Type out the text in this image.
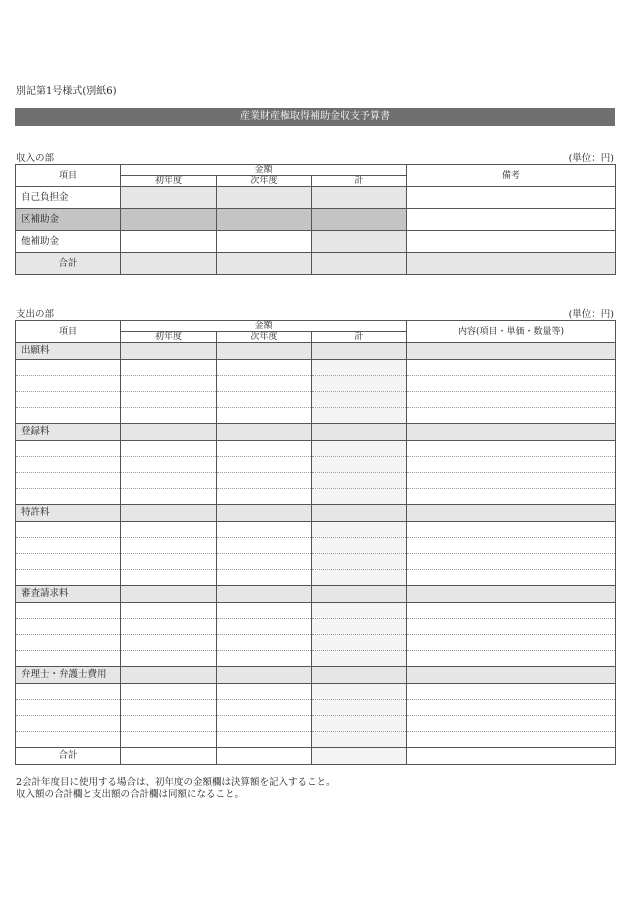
別記第1号様式(別紙6)
産業財産権取得補助金収支予算書
収入の部	(単位：円)
項目	金額			備考
	初年度	次年度	計	
自己負担金				
区補助金				
他補助金				
合計				
支出の部	(単位：円)
項目	金額			内容(項目・単価・数量等)
	初年度	次年度	計	
出願料				

登録料				

特許料				

審査請求料				

弁理士・弁護士費用				

合計				
2会計年度目に使用する場合は、初年度の金額欄は決算額を記入すること。
収入額の合計欄と支出額の合計欄は同額になること。
